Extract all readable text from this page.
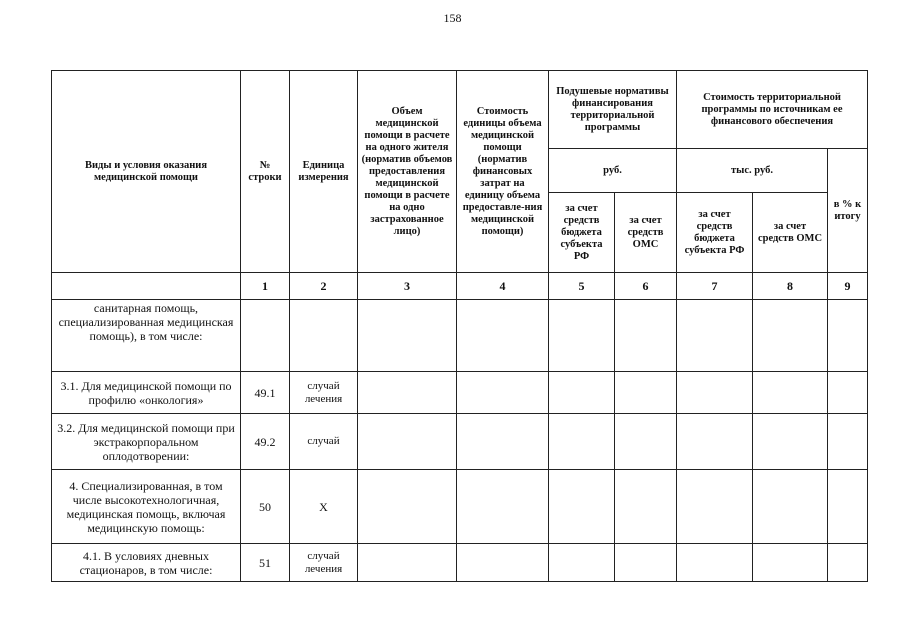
158
Виды и условия оказания медицинской помощи	№ строки	Единица измерения	Объем медицинской помощи в расчете на одного жителя (норматив объемов предоставления медицинской помощи в расчете на одно застрахованное лицо)	Стоимость единицы объема медицинской помощи (норматив финансовых затрат на единицу объема предоставле-ния медицинской помощи)	Подушевые нормативы финансирования территориальной программы		Стоимость территориальной программы по источникам ее финансового обеспечения		
					руб.		тыс. руб.		в % к итогу
					за счет средств бюджета субъекта РФ	за счет средств ОМС	за счет средств бюджета субъекта РФ	за счет средств ОМС	
	1	2	3	4	5	6	7	8	9
санитарная помощь, специализированная медицинская помощь), в том числе:									
3.1. Для медицинской помощи по профилю «онкология»	49.1	случай лечения							
3.2. Для медицинской помощи при экстракорпоральном оплодотворении:	49.2	случай							
4. Специализированная, в том числе высокотехнологичная, медицинская помощь, включая медицинскую помощь:	50	Х							
4.1. В условиях дневных стационаров, в том числе:	51	случай лечения							
